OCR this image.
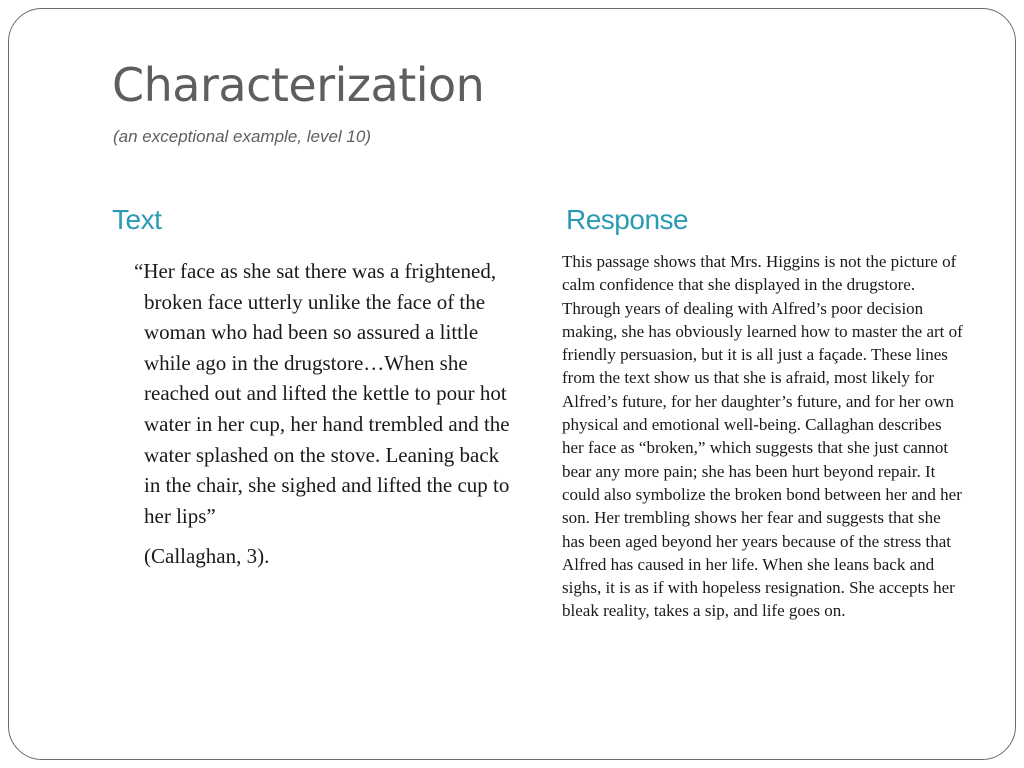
Characterization

(an exceptional example, level 10)

Text	Response

“Her face as she sat there was a frightened, broken face utterly unlike the face of the woman who had been so assured a little while ago in the drugstore…When she reached out and lifted the kettle to pour hot water in her cup, her hand trembled and the water splashed on the stove. Leaning back in the chair, she sighed and lifted the cup to her lips”

(Callaghan, 3).

This passage shows that Mrs. Higgins is not the picture of calm confidence that she displayed in the drugstore. Through years of dealing with Alfred’s poor decision making, she has obviously learned how to master the art of friendly persuasion, but it is all just a façade. These lines from the text show us that she is afraid, most likely for Alfred’s future, for her daughter’s future, and for her own physical and emotional well-being. Callaghan describes her face as “broken,” which suggests that she just cannot bear any more pain; she has been hurt beyond repair. It could also symbolize the broken bond between her and her son. Her trembling shows her fear and suggests that she has been aged beyond her years because of the stress that Alfred has caused in her life. When she leans back and sighs, it is as if with hopeless resignation. She accepts her bleak reality, takes a sip, and life goes on.
